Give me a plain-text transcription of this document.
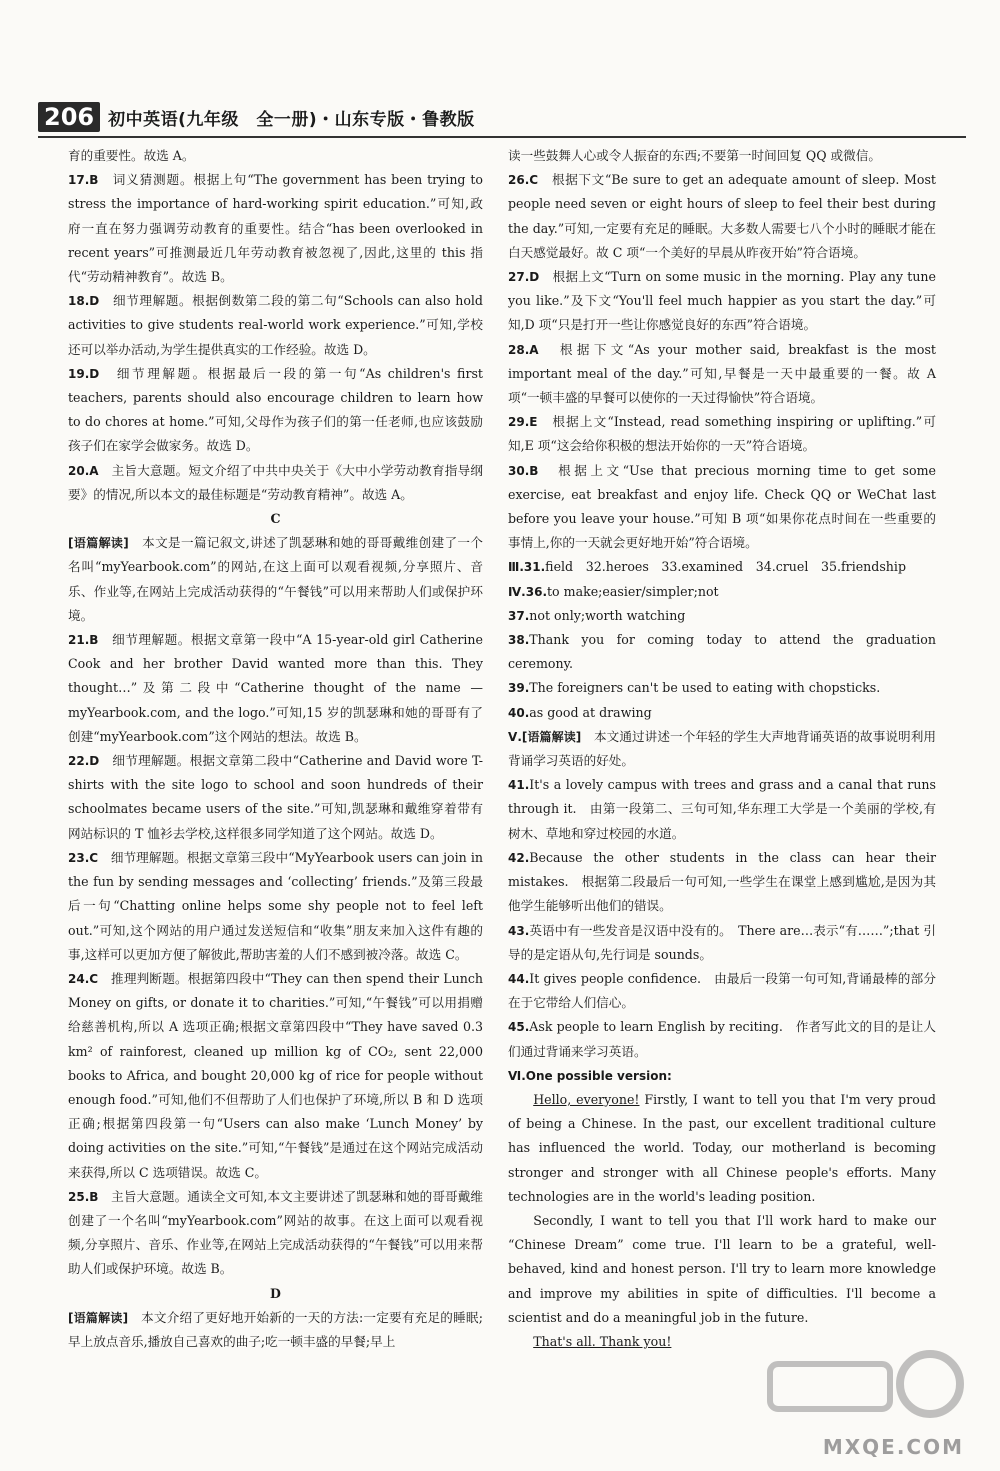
206 初中英语(九年级　全一册)・山东专版・鲁教版

育的重要性。故选 A。

17.B　词义猜测题。根据上句“The government has been trying to stress the importance of hard-working spirit education.”可知,政府一直在努力强调劳动教育的重要性。结合“has been overlooked in recent years”可推测最近几年劳动教育被忽视了,因此,这里的 this 指代“劳动精神教育”。故选 B。

18.D　细节理解题。根据倒数第二段的第二句“Schools can also hold activities to give students real-world work experience.”可知,学校还可以举办活动,为学生提供真实的工作经验。故选 D。

19.D　细节理解题。根据最后一段的第一句“As children's first teachers, parents should also encourage children to learn how to do chores at home.”可知,父母作为孩子们的第一任老师,也应该鼓励孩子们在家学会做家务。故选 D。

20.A　主旨大意题。短文介绍了中共中央关于《大中小学劳动教育指导纲要》的情况,所以本文的最佳标题是“劳动教育精神”。故选 A。

C

[语篇解读]　本文是一篇记叙文,讲述了凯瑟琳和她的哥哥戴维创建了一个名叫“myYearbook.com”的网站,在这上面可以观看视频,分享照片、音乐、作业等,在网站上完成活动获得的“午餐钱”可以用来帮助人们或保护环境。

21.B　细节理解题。根据文章第一段中“A 15-year-old girl Catherine Cook and her brother David wanted more than this. They thought…”及第二段中“Catherine thought of the name — myYearbook.com, and the logo.”可知,15 岁的凯瑟琳和她的哥哥有了创建“myYearbook.com”这个网站的想法。故选 B。

22.D　细节理解题。根据文章第二段中“Catherine and David wore T-shirts with the site logo to school and soon hundreds of their schoolmates became users of the site.”可知,凯瑟琳和戴维穿着带有网站标识的 T 恤衫去学校,这样很多同学知道了这个网站。故选 D。

23.C　细节理解题。根据文章第三段中“MyYearbook users can join in the fun by sending messages and ‘collecting’ friends.”及第三段最后一句“Chatting online helps some shy people not to feel left out.”可知,这个网站的用户通过发送短信和“收集”朋友来加入这件有趣的事,这样可以更加方便了解彼此,帮助害羞的人们不感到被冷落。故选 C。

24.C　推理判断题。根据第四段中“They can then spend their Lunch Money on gifts, or donate it to charities.”可知,“午餐钱”可以用捐赠给慈善机构,所以 A 选项正确;根据文章第四段中“They have saved 0.3 km² of rainforest, cleaned up million kg of CO₂, sent 22,000 books to Africa, and bought 20,000 kg of rice for people without enough food.”可知,他们不但帮助了人们也保护了环境,所以 B 和 D 选项正确;根据第四段第一句“Users can also make ‘Lunch Money’ by doing activities on the site.”可知,“午餐钱”是通过在这个网站完成活动来获得,所以 C 选项错误。故选 C。

25.B　主旨大意题。通读全文可知,本文主要讲述了凯瑟琳和她的哥哥戴维创建了一个名叫“myYearbook.com”网站的故事。在这上面可以观看视频,分享照片、音乐、作业等,在网站上完成活动获得的“午餐钱”可以用来帮助人们或保护环境。故选 B。

D

[语篇解读]　本文介绍了更好地开始新的一天的方法:一定要有充足的睡眠;早上放点音乐,播放自己喜欢的曲子;吃一顿丰盛的早餐;早上

读一些鼓舞人心或令人振奋的东西;不要第一时间回复 QQ 或微信。

26.C　根据下文“Be sure to get an adequate amount of sleep. Most people need seven or eight hours of sleep to feel their best during the day.”可知,一定要有充足的睡眠。大多数人需要七八个小时的睡眠才能在白天感觉最好。故 C 项“一个美好的早晨从昨夜开始”符合语境。

27.D　根据上文“Turn on some music in the morning. Play any tune you like.”及下文“You'll feel much happier as you start the day.”可知,D 项“只是打开一些让你感觉良好的东西”符合语境。

28.A　根据下文“As your mother said, breakfast is the most important meal of the day.”可知,早餐是一天中最重要的一餐。故 A 项“一顿丰盛的早餐可以使你的一天过得愉快”符合语境。

29.E　根据上文“Instead, read something inspiring or uplifting.”可知,E 项“这会给你积极的想法开始你的一天”符合语境。

30.B　根据上文“Use that precious morning time to get some exercise, eat breakfast and enjoy life. Check QQ or WeChat last before you leave your house.”可知 B 项“如果你花点时间在一些重要的事情上,你的一天就会更好地开始”符合语境。

Ⅲ.31.field　32.heroes　33.examined　34.cruel　35.friendship

Ⅳ.36.to make;easier/simpler;not

37.not only;worth watching

38.Thank you for coming today to attend the graduation ceremony.

39.The foreigners can't be used to eating with chopsticks.

40.as good at drawing

Ⅴ.[语篇解读]　本文通过讲述一个年轻的学生大声地背诵英语的故事说明利用背诵学习英语的好处。

41.It's a lovely campus with trees and grass and a canal that runs through it.　由第一段第二、三句可知,华东理工大学是一个美丽的学校,有树木、草地和穿过校园的水道。

42.Because the other students in the class can hear their mistakes.　根据第二段最后一句可知,一些学生在课堂上感到尴尬,是因为其他学生能够听出他们的错误。

43.英语中有一些发音是汉语中没有的。　There are…表示“有……”;that 引导的是定语从句,先行词是 sounds。

44.It gives people confidence.　由最后一段第一句可知,背诵最棒的部分在于它带给人们信心。

45.Ask people to learn English by reciting.　作者写此文的目的是让人们通过背诵来学习英语。

Ⅵ.One possible version:

Hello, everyone! Firstly, I want to tell you that I'm very proud of being a Chinese. In the past, our excellent traditional culture has influenced the world. Today, our motherland is becoming stronger and stronger with all Chinese people's efforts. Many technologies are in the world's leading position.

Secondly, I want to tell you that I'll work hard to make our “Chinese Dream” come true. I'll learn to be a grateful, well-behaved, kind and honest person. I'll try to learn more knowledge and improve my abilities in spite of difficulties. I'll become a scientist and do a meaningful job in the future.

That's all. Thank you!

MXQE.COM
